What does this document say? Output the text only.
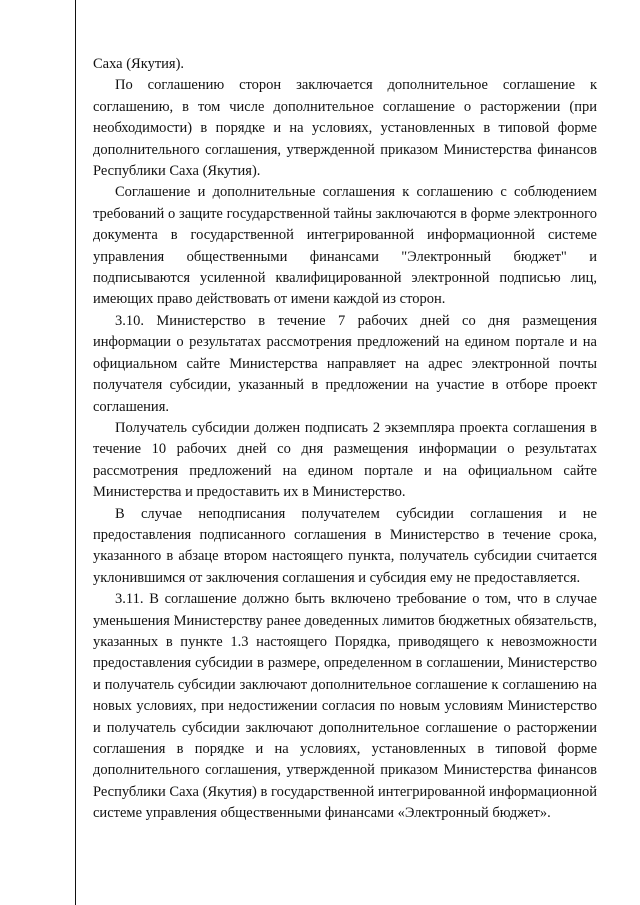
Саха (Якутия).

По соглашению сторон заключается дополнительное соглашение к соглашению, в том числе дополнительное соглашение о расторжении (при необходимости) в порядке и на условиях, установленных в типовой форме дополнительного соглашения, утвержденной приказом Министерства финансов Республики Саха (Якутия).

Соглашение и дополнительные соглашения к соглашению с соблюдением требований о защите государственной тайны заключаются в форме электронного документа в государственной интегрированной информационной системе управления общественными финансами "Электронный бюджет" и подписываются усиленной квалифицированной электронной подписью лиц, имеющих право действовать от имени каждой из сторон.

3.10. Министерство в течение 7 рабочих дней со дня размещения информации о результатах рассмотрения предложений на едином портале и на официальном сайте Министерства направляет на адрес электронной почты получателя субсидии, указанный в предложении на участие в отборе проект соглашения.

Получатель субсидии должен подписать 2 экземпляра проекта соглашения в течение 10 рабочих дней со дня размещения информации о результатах рассмотрения предложений на едином портале и на официальном сайте Министерства и предоставить их в Министерство.

В случае неподписания получателем субсидии соглашения и не предоставления подписанного соглашения в Министерство в течение срока, указанного в абзаце втором настоящего пункта, получатель субсидии считается уклонившимся от заключения соглашения и субсидия ему не предоставляется.

3.11. В соглашение должно быть включено требование о том, что в случае уменьшения Министерству ранее доведенных лимитов бюджетных обязательств, указанных в пункте 1.3 настоящего Порядка, приводящего к невозможности предоставления субсидии в размере, определенном в соглашении, Министерство и получатель субсидии заключают дополнительное соглашение к соглашению на новых условиях, при недостижении согласия по новым условиям Министерство и получатель субсидии заключают дополнительное соглашение о расторжении соглашения в порядке и на условиях, установленных в типовой форме дополнительного соглашения, утвержденной приказом Министерства финансов Республики Саха (Якутия) в государственной интегрированной информационной системе управления общественными финансами «Электронный бюджет».
